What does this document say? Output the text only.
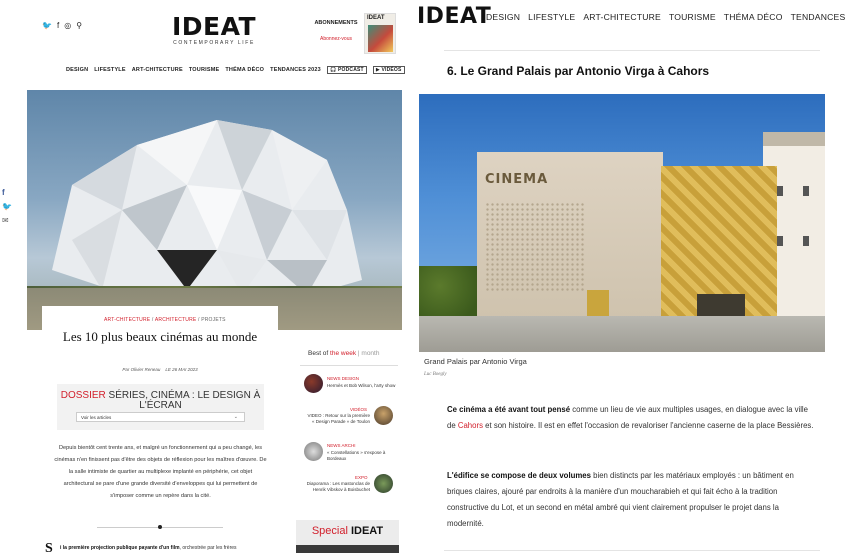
🐦 f ◎ ⚲	IDEAT
CONTEMPORARY LIFE
ABONNEMENTS
Abonnez-vous
IDEAT
DESIGN LIFESTYLE ART-CHITECTURE TOURISME THÉMA DÉCO TENDANCES 2023	🎧 PODCAST	▶ VIDÉOS
ART-CHITECTURE / ARCHITECTURE / PROJETS
Les 10 plus beaux cinémas au monde
Par Olivier Reneau LE 26 MAI 2023
DOSSIER SÉRIES, CINÉMA : LE DESIGN À L'ÉCRAN
Voir les articles	⌄
Depuis bientôt cent trente ans, et malgré un fonctionnement qui a peu changé, les cinémas n'en finissent pas d'être des objets de réflexion pour les maîtres d'œuvre. De la salle intimiste de quartier au multiplexe implanté en périphérie, cet objet architectural se pare d'une grande diversité d'enveloppes qui lui permettent de s'imposer comme un repère dans la cité.
S i la première projection publique payante d'un film, orchestrée par les frères
f
🐦
✉
Best of the week | month
NEWS DESIGN
Hermès et Bob Wilson, l'arty show
VIDÉOS
VIDEO : Retour sur la première « Design Parade » de Toulon
NEWS ARCHI
« Constellations » s'expose à Bordeaux
EXPO
Diaporama : Les mastonclas de Henrik Vibskov à Boisbuchet
Special IDEAT
IDEAT
DESIGN LIFESTYLE ART-CHITECTURE TOURISME THÉMA DÉCO TENDANCES
6. Le Grand Palais par Antonio Virga à Cahors
CINEMA
Grand Palais par Antonio Virga
Luc Boegly
Ce cinéma a été avant tout pensé comme un lieu de vie aux multiples usages, en dialogue avec la ville de Cahors et son histoire. Il est en effet l'occasion de revaloriser l'ancienne caserne de la place Bessières.
L'édifice se compose de deux volumes bien distincts par les matériaux employés : un bâtiment en briques claires, ajouré par endroits à la manière d'un moucharabieh et qui fait écho à la tradition constructive du Lot, et un second en métal ambré qui vient clairement propulser le projet dans la modernité.
